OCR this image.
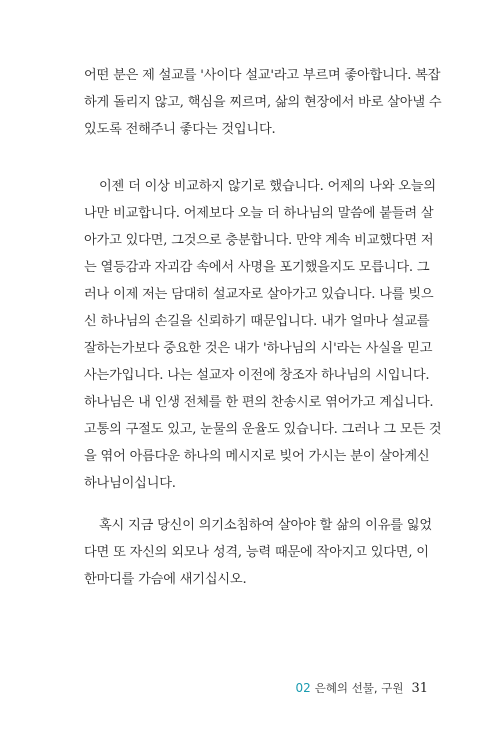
어떤 분은 제 설교를 '사이다 설교'라고 부르며 좋아합니다. 복잡
하게 돌리지 않고, 핵심을 찌르며, 삶의 현장에서 바로 살아낼 수
있도록 전해주니 좋다는 것입니다.
이젠 더 이상 비교하지 않기로 했습니다. 어제의 나와 오늘의
나만 비교합니다. 어제보다 오늘 더 하나님의 말씀에 붙들려 살
아가고 있다면, 그것으로 충분합니다. 만약 계속 비교했다면 저
는 열등감과 자괴감 속에서 사명을 포기했을지도 모릅니다. 그
러나 이제 저는 담대히 설교자로 살아가고 있습니다. 나를 빚으
신 하나님의 손길을 신뢰하기 때문입니다. 내가 얼마나 설교를
잘하는가보다 중요한 것은 내가 '하나님의 시'라는 사실을 믿고
사는가입니다. 나는 설교자 이전에 창조자 하나님의 시입니다.
하나님은 내 인생 전체를 한 편의 찬송시로 엮어가고 계십니다.
고통의 구절도 있고, 눈물의 운율도 있습니다. 그러나 그 모든 것
을 엮어 아름다운 하나의 메시지로 빚어 가시는 분이 살아계신
하나님이십니다.
혹시 지금 당신이 의기소침하여 살아야 할 삶의 이유를 잃었
다면 또 자신의 외모나 성격, 능력 때문에 작아지고 있다면, 이
한마디를 가슴에 새기십시오.
02 은혜의 선물, 구원 31
